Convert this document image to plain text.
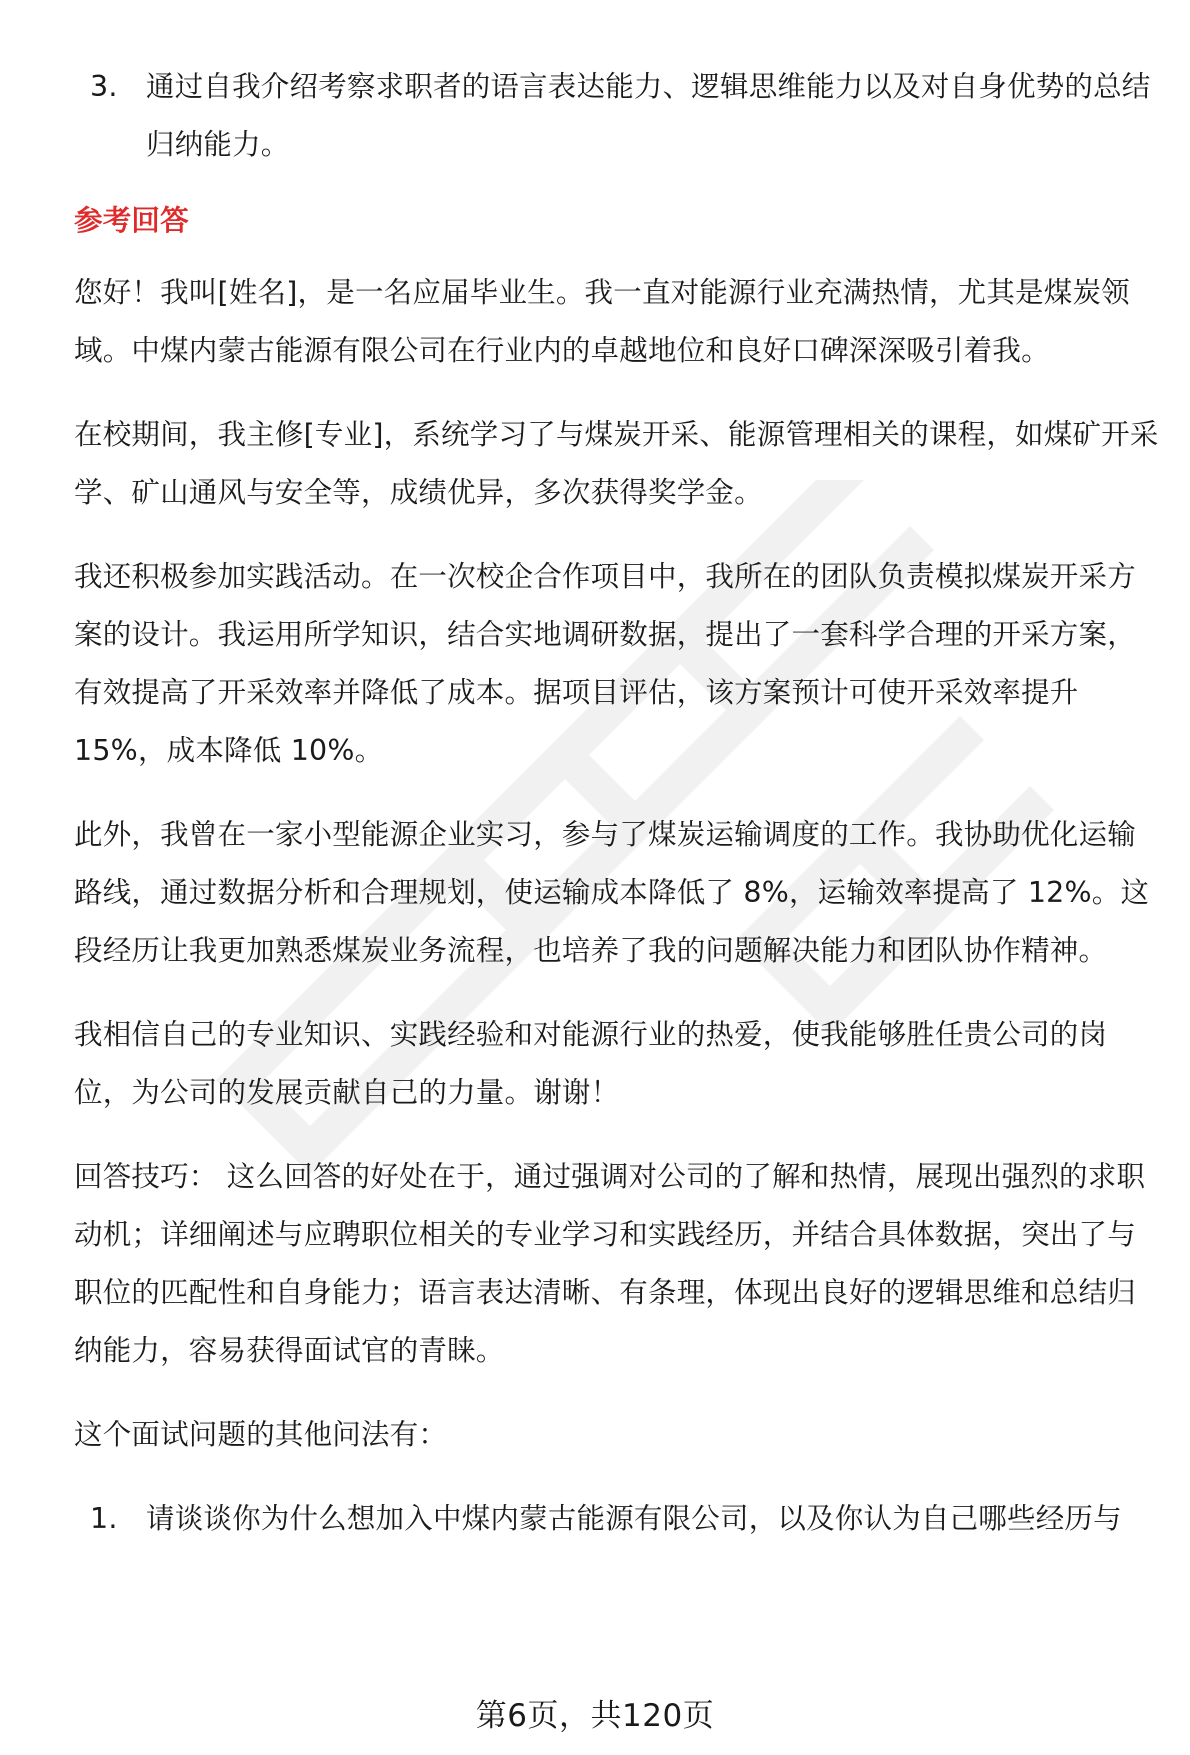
3. 通过自我介绍考察求职者的语言表达能力、逻辑思维能力以及对自身优势的总结归纳能力。
参考回答

您好！我叫[姓名]，是一名应届毕业生。我一直对能源行业充满热情，尤其是煤炭领域。中煤内蒙古能源有限公司在行业内的卓越地位和良好口碑深深吸引着我。

在校期间，我主修[专业]，系统学习了与煤炭开采、能源管理相关的课程，如煤矿开采学、矿山通风与安全等，成绩优异，多次获得奖学金。

我还积极参加实践活动。在一次校企合作项目中，我所在的团队负责模拟煤炭开采方案的设计。我运用所学知识，结合实地调研数据，提出了一套科学合理的开采方案，有效提高了开采效率并降低了成本。据项目评估，该方案预计可使开采效率提升 15%，成本降低 10%。

此外，我曾在一家小型能源企业实习，参与了煤炭运输调度的工作。我协助优化运输路线，通过数据分析和合理规划，使运输成本降低了 8%，运输效率提高了 12%。这段经历让我更加熟悉煤炭业务流程，也培养了我的问题解决能力和团队协作精神。

我相信自己的专业知识、实践经验和对能源行业的热爱，使我能够胜任贵公司的岗位，为公司的发展贡献自己的力量。谢谢！

回答技巧： 这么回答的好处在于，通过强调对公司的了解和热情，展现出强烈的求职动机；详细阐述与应聘职位相关的专业学习和实践经历，并结合具体数据，突出了与职位的匹配性和自身能力；语言表达清晰、有条理，体现出良好的逻辑思维和总结归纳能力，容易获得面试官的青睐。

这个面试问题的其他问法有：

1. 请谈谈你为什么想加入中煤内蒙古能源有限公司，以及你认为自己哪些经历与
第6页，共120页
